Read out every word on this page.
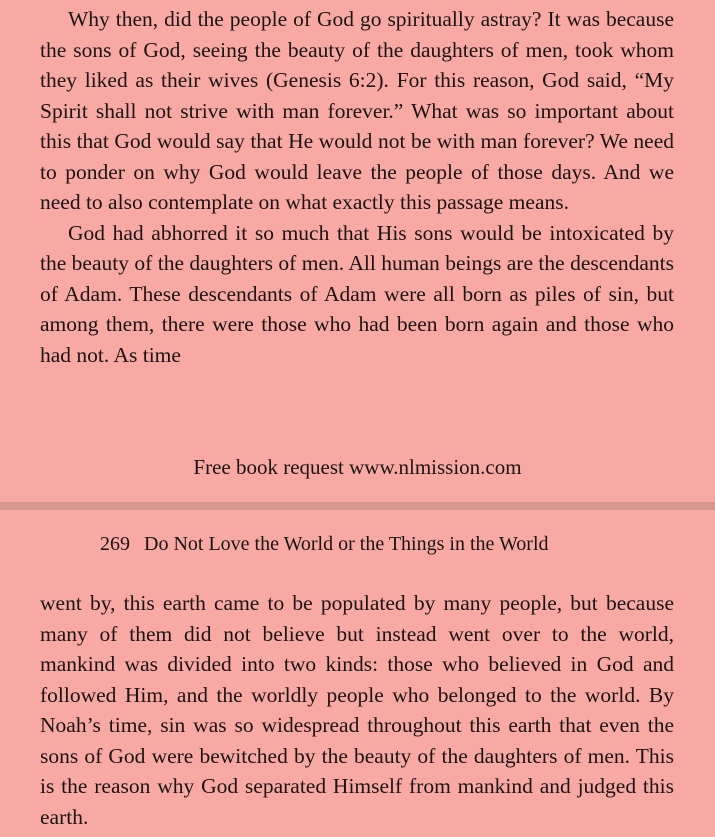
Why then, did the people of God go spiritually astray? It was because the sons of God, seeing the beauty of the daughters of men, took whom they liked as their wives (Genesis 6:2). For this reason, God said, “My Spirit shall not strive with man forever.” What was so important about this that God would say that He would not be with man forever? We need to ponder on why God would leave the people of those days. And we need to also contemplate on what exactly this passage means.

God had abhorred it so much that His sons would be intoxicated by the beauty of the daughters of men. All human beings are the descendants of Adam. These descendants of Adam were all born as piles of sin, but among them, there were those who had been born again and those who had not. As time

Free book request www.nlmission.com
269 Do Not Love the World or the Things in the World

went by, this earth came to be populated by many people, but because many of them did not believe but instead went over to the world, mankind was divided into two kinds: those who believed in God and followed Him, and the worldly people who belonged to the world. By Noah’s time, sin was so widespread throughout this earth that even the sons of God were bewitched by the beauty of the daughters of men. This is the reason why God separated Himself from mankind and judged this earth.
